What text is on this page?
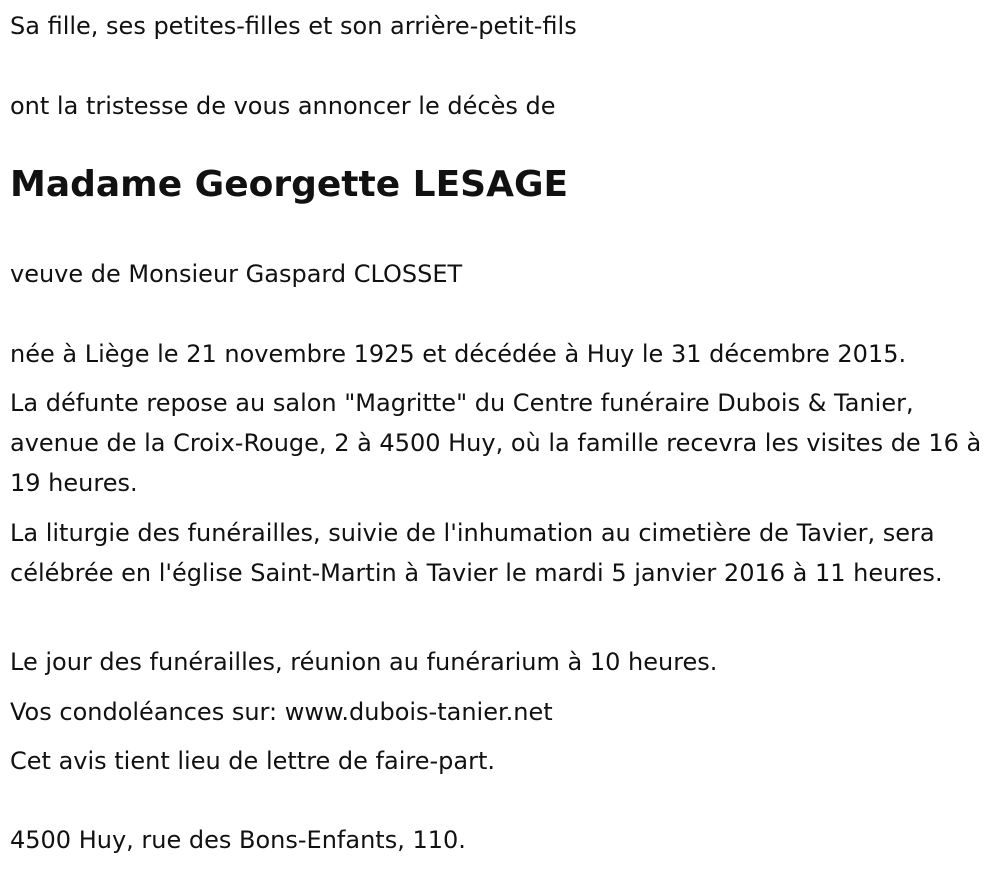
Sa fille, ses petites-filles et son arrière-petit-fils

ont la tristesse de vous annoncer le décès de

Madame Georgette LESAGE

veuve de Monsieur Gaspard CLOSSET

née à Liège le 21 novembre 1925 et décédée à Huy le 31 décembre 2015.

La défunte repose au salon "Magritte" du Centre funéraire Dubois & Tanier, avenue de la Croix-Rouge, 2 à 4500 Huy, où la famille recevra les visites de 16 à 19 heures.

La liturgie des funérailles, suivie de l'inhumation au cimetière de Tavier, sera célébrée en l'église Saint-Martin à Tavier le mardi 5 janvier 2016 à 11 heures.

Le jour des funérailles, réunion au funérarium à 10 heures.

Vos condoléances sur: www.dubois-tanier.net

Cet avis tient lieu de lettre de faire-part.

4500 Huy, rue des Bons-Enfants, 110.
